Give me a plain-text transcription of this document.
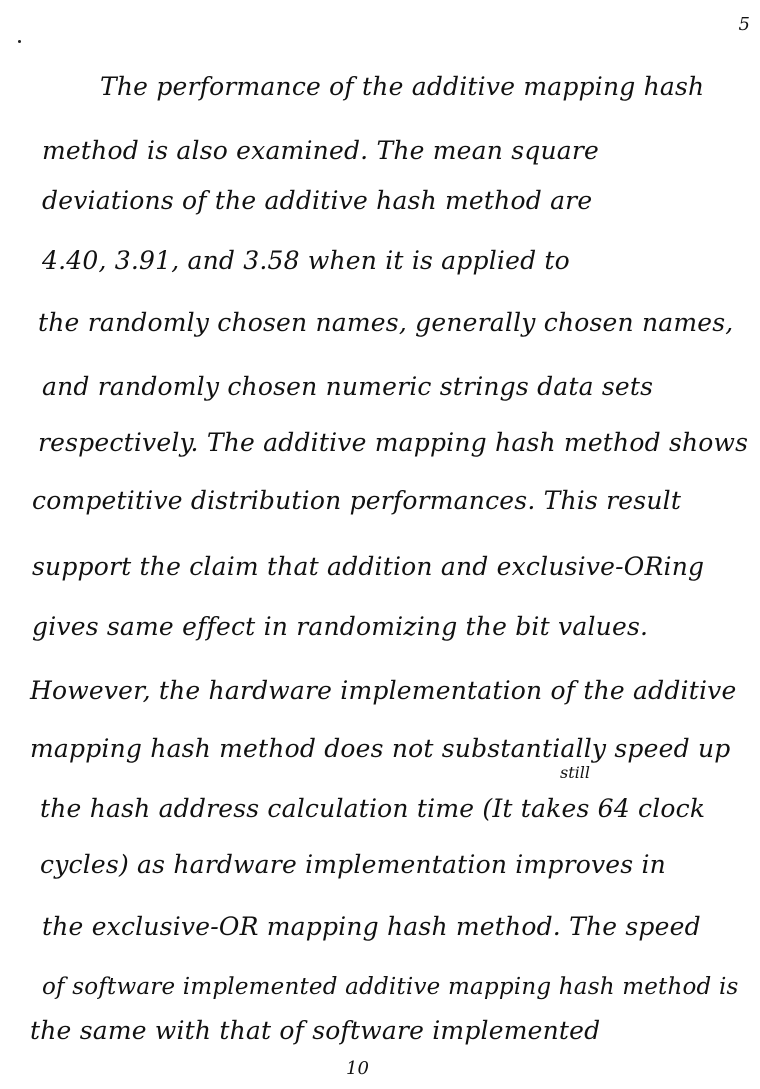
5
The performance of the additive mapping hash
method is also examined. The mean square
deviations of the additive hash method are
4.40, 3.91, and 3.58 when it is applied to
the randomly chosen names, generally chosen names,
and randomly chosen numeric strings data sets
respectively. The additive mapping hash method shows
competitive distribution performances. This result
support the claim that addition and exclusive-ORing
gives same effect in randomizing the bit values.
However, the hardware implementation of the additive
mapping hash method does not substantially speed up
still
the hash address calculation time (It takes 64 clock
cycles) as hardware implementation improves in
the exclusive-OR mapping hash method. The speed
of software implemented additive mapping hash method is
the same with that of software implemented
10
